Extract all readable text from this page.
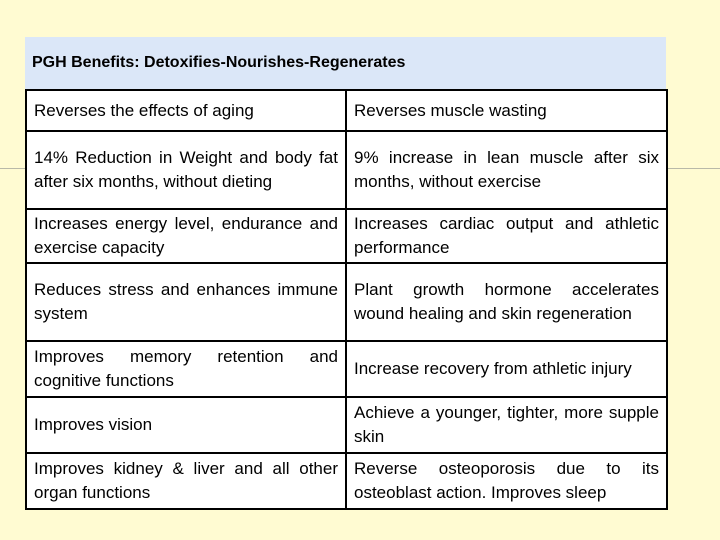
PGH Benefits: Detoxifies-Nourishes-Regenerates
Reverses the effects of aging	Reverses muscle wasting
14% Reduction in Weight and body fat after six months, without dieting	9% increase in lean muscle after six months, without exercise
Increases energy level, endurance and exercise capacity	Increases cardiac output and athletic performance
Reduces stress and enhances immune system	Plant growth hormone accelerates wound healing and skin regeneration
Improves memory retention and cognitive functions	Increase recovery from athletic injury
Improves vision	Achieve a younger, tighter, more supple skin
Improves kidney & liver and all other organ functions	Reverse osteoporosis due to its osteoblast action. Improves sleep
